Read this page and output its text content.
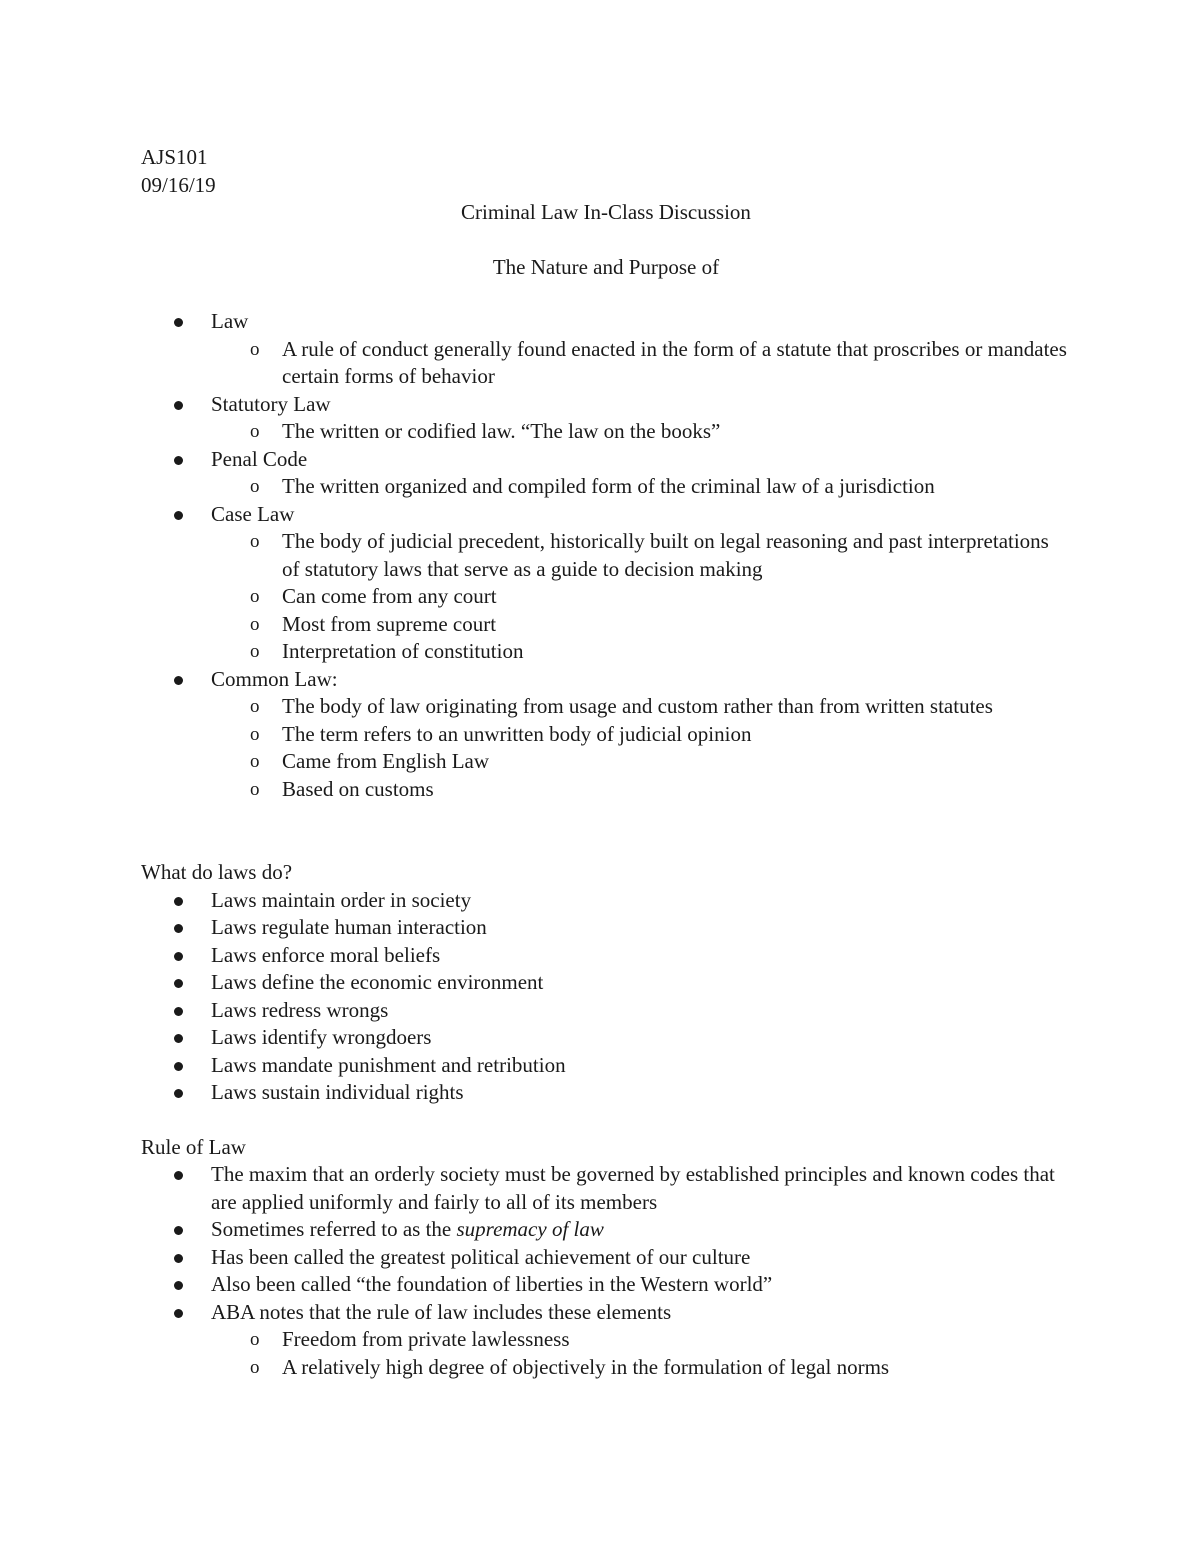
AJS101

09/16/19

Criminal Law In-Class Discussion

The Nature and Purpose of

Law
o A rule of conduct generally found enacted in the form of a statute that proscribes or mandates certain forms of behavior
Statutory Law
o The written or codified law. “The law on the books”
Penal Code
o The written organized and compiled form of the criminal law of a jurisdiction
Case Law
o The body of judicial precedent, historically built on legal reasoning and past interpretations of statutory laws that serve as a guide to decision making
o Can come from any court
o Most from supreme court
o Interpretation of constitution
Common Law:
o The body of law originating from usage and custom rather than from written statutes
o The term refers to an unwritten body of judicial opinion
o Came from English Law
o Based on customs

What do laws do?

Laws maintain order in society
Laws regulate human interaction
Laws enforce moral beliefs
Laws define the economic environment
Laws redress wrongs
Laws identify wrongdoers
Laws mandate punishment and retribution
Laws sustain individual rights

Rule of Law

The maxim that an orderly society must be governed by established principles and known codes that are applied uniformly and fairly to all of its members
Sometimes referred to as the supremacy of law
Has been called the greatest political achievement of our culture
Also been called “the foundation of liberties in the Western world”
ABA notes that the rule of law includes these elements
o Freedom from private lawlessness
o A relatively high degree of objectively in the formulation of legal norms
